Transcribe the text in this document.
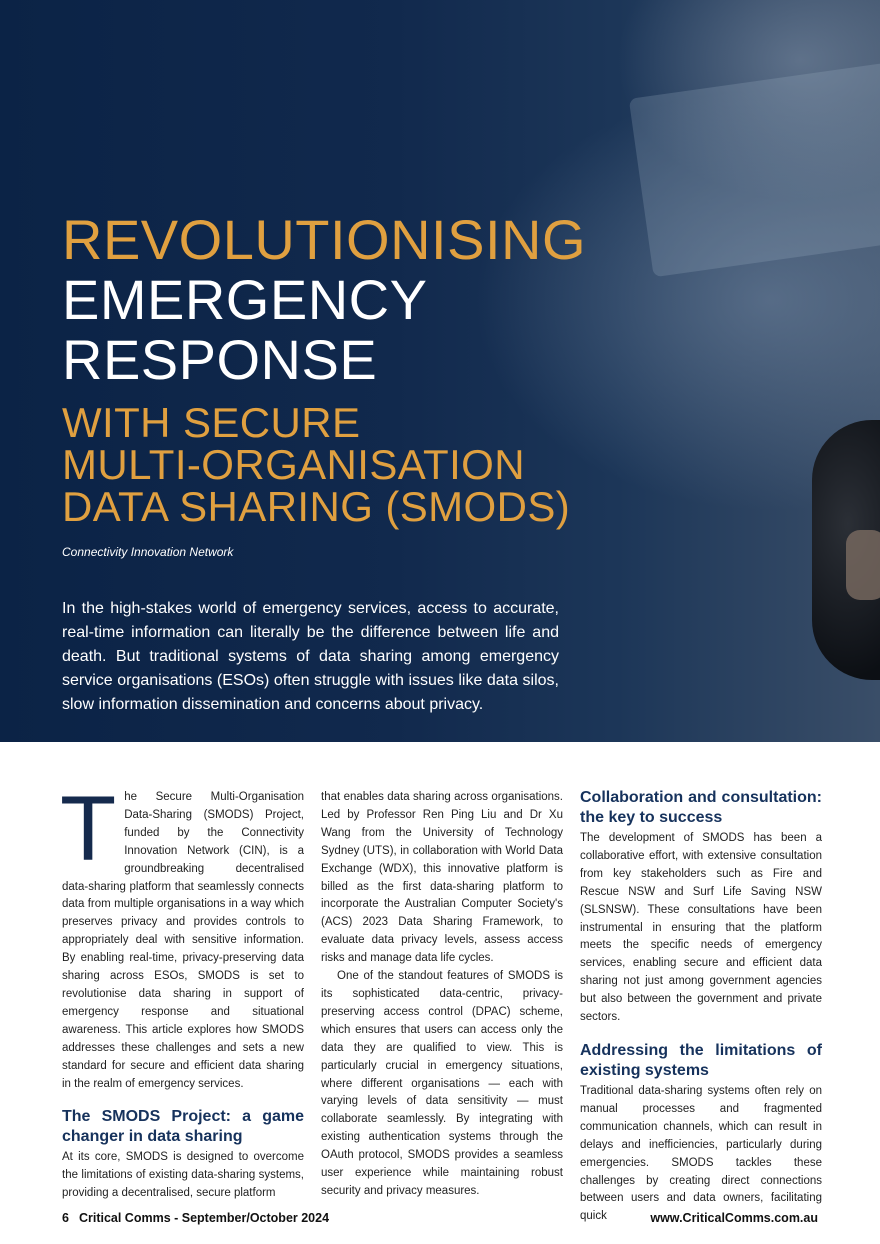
REVOLUTIONISING
EMERGENCY
RESPONSE
WITH SECURE
MULTI-ORGANISATION
DATA SHARING (SMODS)
Connectivity Innovation Network
In the high-stakes world of emergency services, access to accurate, real-time information can literally be the difference between life and death. But traditional systems of data sharing among emergency service organisations (ESOs) often struggle with issues like data silos, slow information dissemination and concerns about privacy.
T he Secure Multi-Organisation Data-Sharing (SMODS) Project, funded by the Connectivity Innovation Network (CIN), is a groundbreaking decentralised data-sharing platform that seamlessly connects data from multiple organisations in a way which preserves privacy and provides controls to appropriately deal with sensitive information. By enabling real-time, privacy-preserving data sharing across ESOs, SMODS is set to revolutionise data sharing in support of emergency response and situational awareness. This article explores how SMODS addresses these challenges and sets a new standard for secure and efficient data sharing in the realm of emergency services.

The SMODS Project: a game changer in data sharing

At its core, SMODS is designed to overcome the limitations of existing data-sharing systems, providing a decentralised, secure platform

that enables data sharing across organisations. Led by Professor Ren Ping Liu and Dr Xu Wang from the University of Technology Sydney (UTS), in collaboration with World Data Exchange (WDX), this innovative platform is billed as the first data-sharing platform to incorporate the Australian Computer Society's (ACS) 2023 Data Sharing Framework, to evaluate data privacy levels, assess access risks and manage data life cycles.

One of the standout features of SMODS is its sophisticated data-centric, privacy-preserving access control (DPAC) scheme, which ensures that users can access only the data they are qualified to view. This is particularly crucial in emergency situations, where different organisations — each with varying levels of data sensitivity — must collaborate seamlessly. By integrating with existing authentication systems through the OAuth protocol, SMODS provides a seamless user experience while maintaining robust security and privacy measures.

Collaboration and consultation: the key to success

The development of SMODS has been a collaborative effort, with extensive consultation from key stakeholders such as Fire and Rescue NSW and Surf Life Saving NSW (SLSNSW). These consultations have been instrumental in ensuring that the platform meets the specific needs of emergency services, enabling secure and efficient data sharing not just among government agencies but also between the government and private sectors.

Addressing the limitations of existing systems

Traditional data-sharing systems often rely on manual processes and fragmented communication channels, which can result in delays and inefficiencies, particularly during emergencies. SMODS tackles these challenges by creating direct connections between users and data owners, facilitating quick

6 Critical Comms - September/October 2024	www.CriticalComms.com.au
